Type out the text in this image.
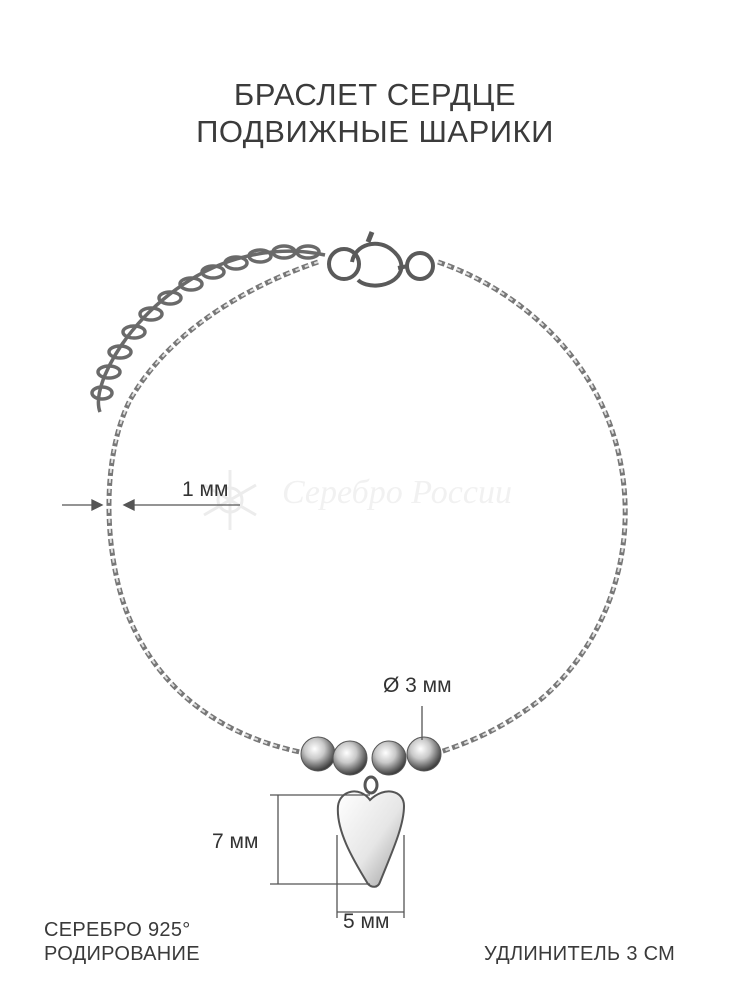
БРАСЛЕТ СЕРДЦЕ
ПОДВИЖНЫЕ ШАРИКИ
Серебро России
1 мм
Ø 3 мм
7 мм
5 мм
СЕРЕБРО 925°
РОДИРОВАНИЕ	УДЛИНИТЕЛЬ 3 СМ
